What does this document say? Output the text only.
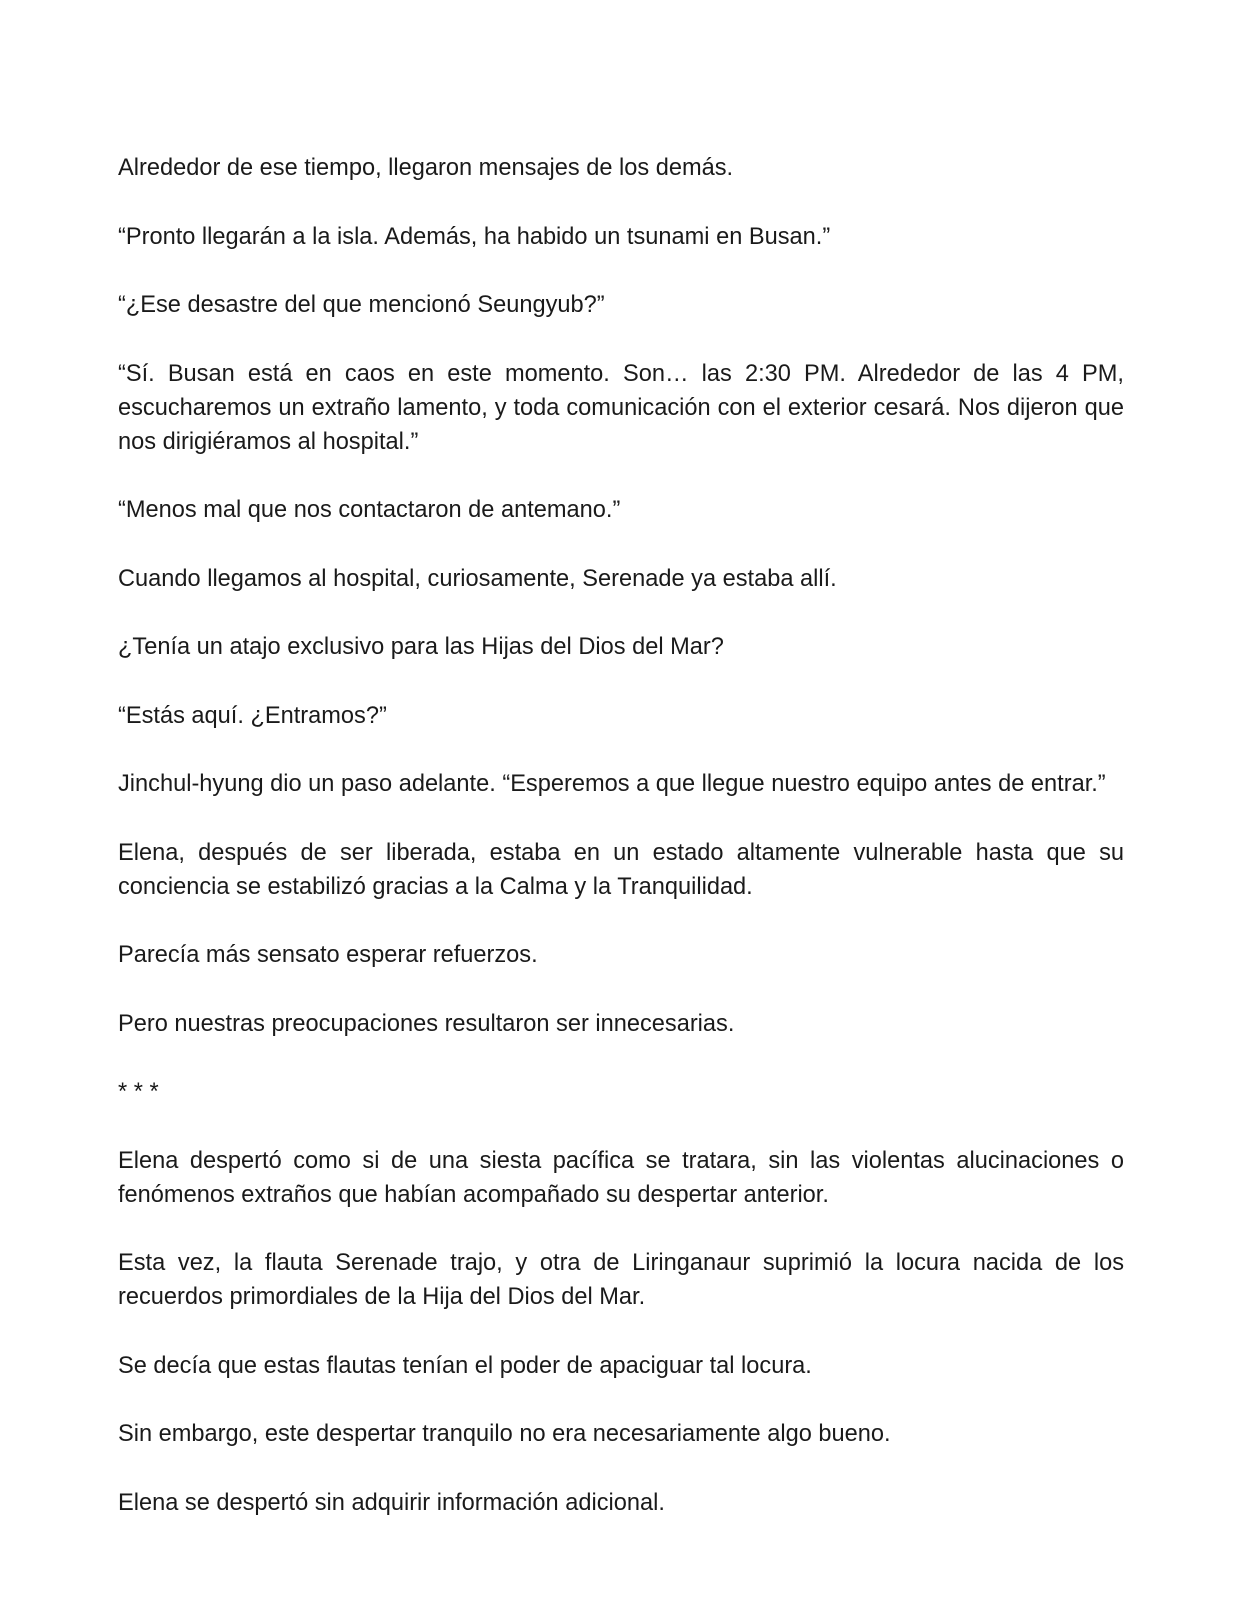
Alrededor de ese tiempo, llegaron mensajes de los demás.

“Pronto llegarán a la isla. Además, ha habido un tsunami en Busan.”

“¿Ese desastre del que mencionó Seungyub?”

“Sí. Busan está en caos en este momento. Son… las 2:30 PM. Alrededor de las 4 PM, escucharemos un extraño lamento, y toda comunicación con el exterior cesará. Nos dijeron que nos dirigiéramos al hospital.”

“Menos mal que nos contactaron de antemano.”

Cuando llegamos al hospital, curiosamente, Serenade ya estaba allí.

¿Tenía un atajo exclusivo para las Hijas del Dios del Mar?

“Estás aquí. ¿Entramos?”

Jinchul-hyung dio un paso adelante. “Esperemos a que llegue nuestro equipo antes de entrar.”

Elena, después de ser liberada, estaba en un estado altamente vulnerable hasta que su conciencia se estabilizó gracias a la Calma y la Tranquilidad.

Parecía más sensato esperar refuerzos.

Pero nuestras preocupaciones resultaron ser innecesarias.

* * *

Elena despertó como si de una siesta pacífica se tratara, sin las violentas alucinaciones o fenómenos extraños que habían acompañado su despertar anterior.

Esta vez, la flauta Serenade trajo, y otra de Liringanaur suprimió la locura nacida de los recuerdos primordiales de la Hija del Dios del Mar.

Se decía que estas flautas tenían el poder de apaciguar tal locura.

Sin embargo, este despertar tranquilo no era necesariamente algo bueno.

Elena se despertó sin adquirir información adicional.
